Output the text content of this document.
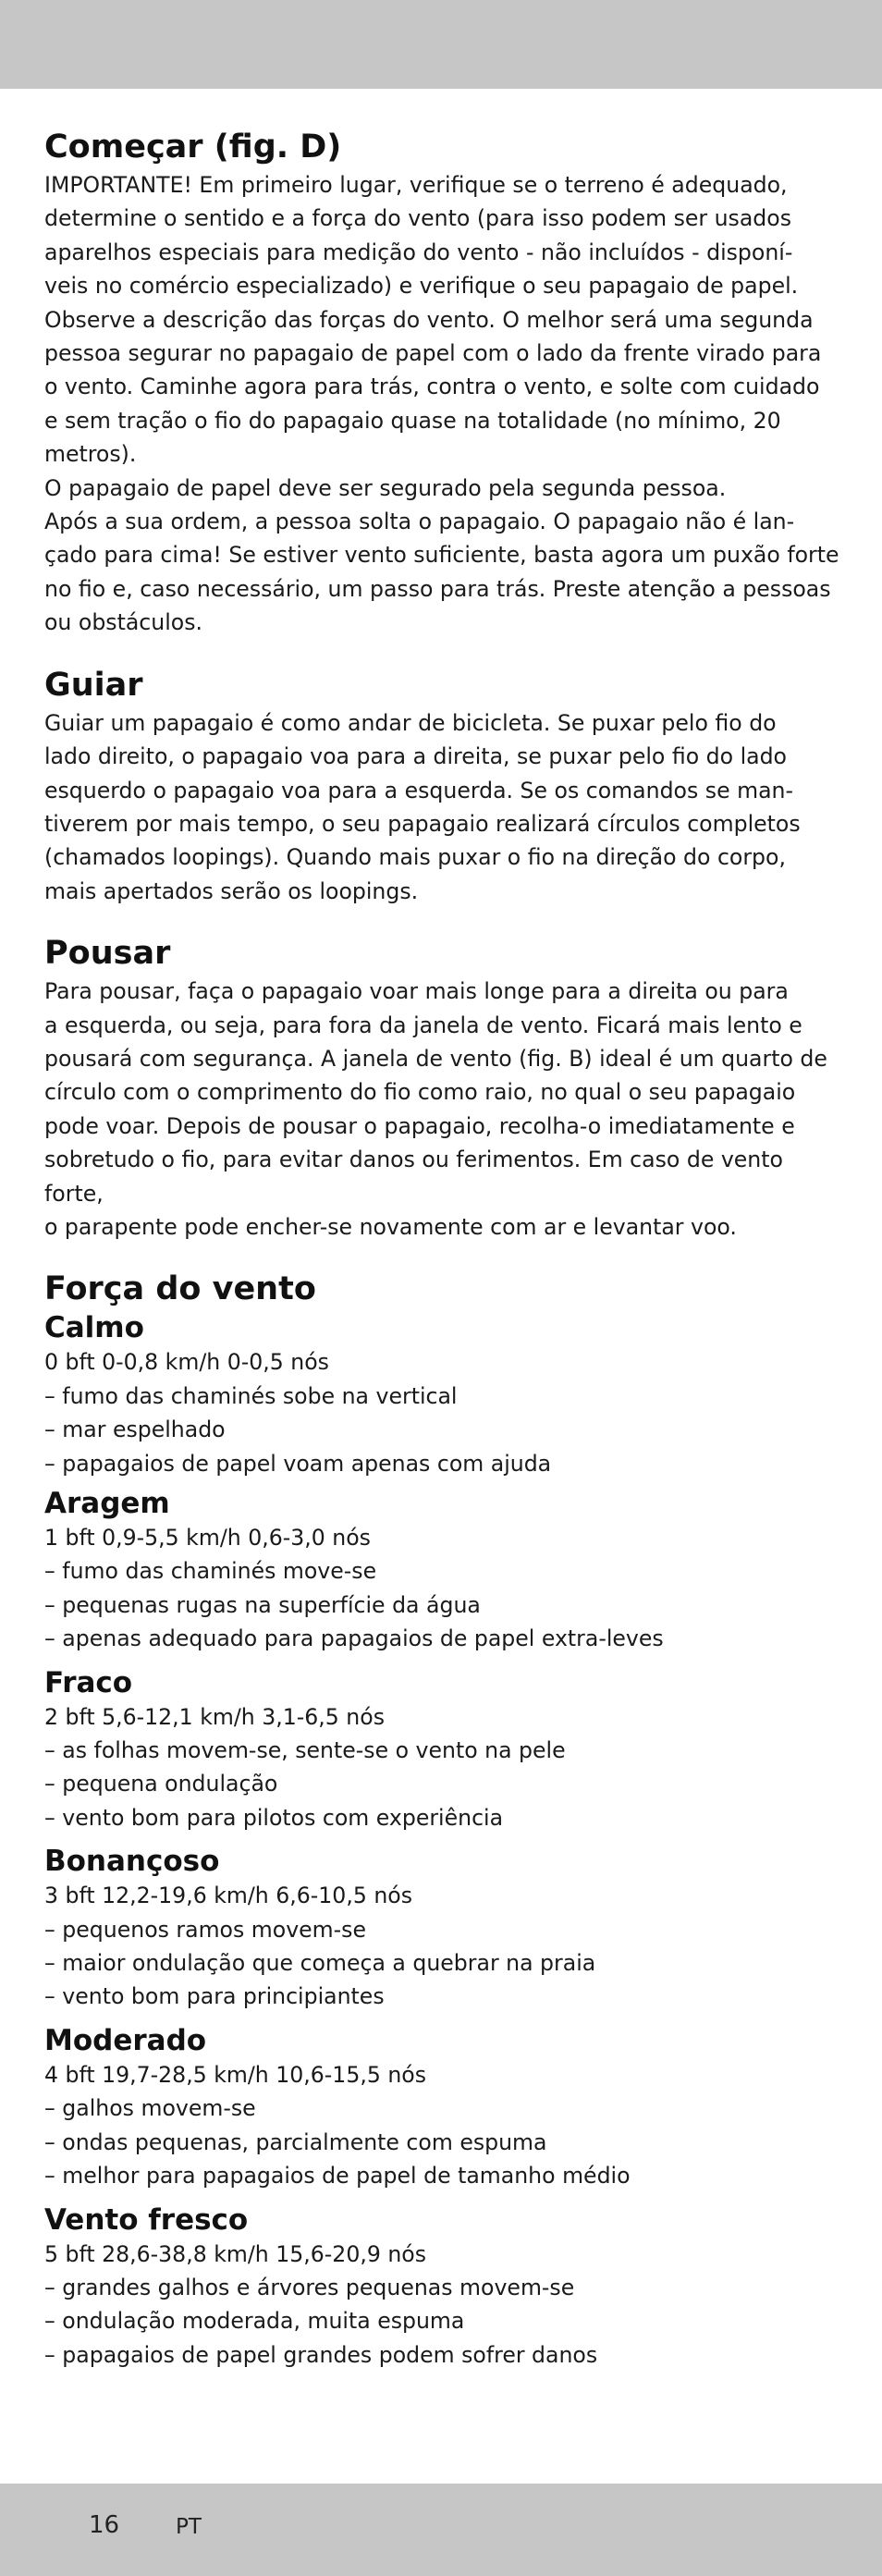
Começar (fig. D)

IMPORTANTE! Em primeiro lugar, verifique se o terreno é adequado,
determine o sentido e a força do vento (para isso podem ser usados
aparelhos especiais para medição do vento - não incluídos - disponí-
veis no comércio especializado) e verifique o seu papagaio de papel.
Observe a descrição das forças do vento. O melhor será uma segunda
pessoa segurar no papagaio de papel com o lado da frente virado para
o vento. Caminhe agora para trás, contra o vento, e solte com cuidado
e sem tração o fio do papagaio quase na totalidade (no mínimo, 20
metros).
O papagaio de papel deve ser segurado pela segunda pessoa.
Após a sua ordem, a pessoa solta o papagaio. O papagaio não é lan-
çado para cima! Se estiver vento suficiente, basta agora um puxão forte
no fio e, caso necessário, um passo para trás. Preste atenção a pessoas
ou obstáculos.

Guiar

Guiar um papagaio é como andar de bicicleta. Se puxar pelo fio do
lado direito, o papagaio voa para a direita, se puxar pelo fio do lado
esquerdo o papagaio voa para a esquerda. Se os comandos se man-
tiverem por mais tempo, o seu papagaio realizará círculos completos
(chamados loopings). Quando mais puxar o fio na direção do corpo,
mais apertados serão os loopings.

Pousar

Para pousar, faça o papagaio voar mais longe para a direita ou para
a esquerda, ou seja, para fora da janela de vento. Ficará mais lento e
pousará com segurança. A janela de vento (fig. B) ideal é um quarto de
círculo com o comprimento do fio como raio, no qual o seu papagaio
pode voar. Depois de pousar o papagaio, recolha-o imediatamente e
sobretudo o fio, para evitar danos ou ferimentos. Em caso de vento forte,
o parapente pode encher-se novamente com ar e levantar voo.

Força do vento
Calmo

0 bft 0-0,8 km/h 0-0,5 nós

– fumo das chaminés sobe na vertical
– mar espelhado
– papagaios de papel voam apenas com ajuda
Aragem

1 bft 0,9-5,5 km/h 0,6-3,0 nós

– fumo das chaminés move-se
– pequenas rugas na superfície da água
– apenas adequado para papagaios de papel extra-leves
Fraco

2 bft 5,6-12,1 km/h 3,1-6,5 nós

– as folhas movem-se, sente-se o vento na pele
– pequena ondulação
– vento bom para pilotos com experiência
Bonançoso

3 bft 12,2-19,6 km/h 6,6-10,5 nós

– pequenos ramos movem-se
– maior ondulação que começa a quebrar na praia
– vento bom para principiantes
Moderado

4 bft 19,7-28,5 km/h 10,6-15,5 nós

– galhos movem-se
– ondas pequenas, parcialmente com espuma
– melhor para papagaios de papel de tamanho médio
Vento fresco

5 bft 28,6-38,8 km/h 15,6-20,9 nós

– grandes galhos e árvores pequenas movem-se
– ondulação moderada, muita espuma
– papagaios de papel grandes podem sofrer danos
16	PT
